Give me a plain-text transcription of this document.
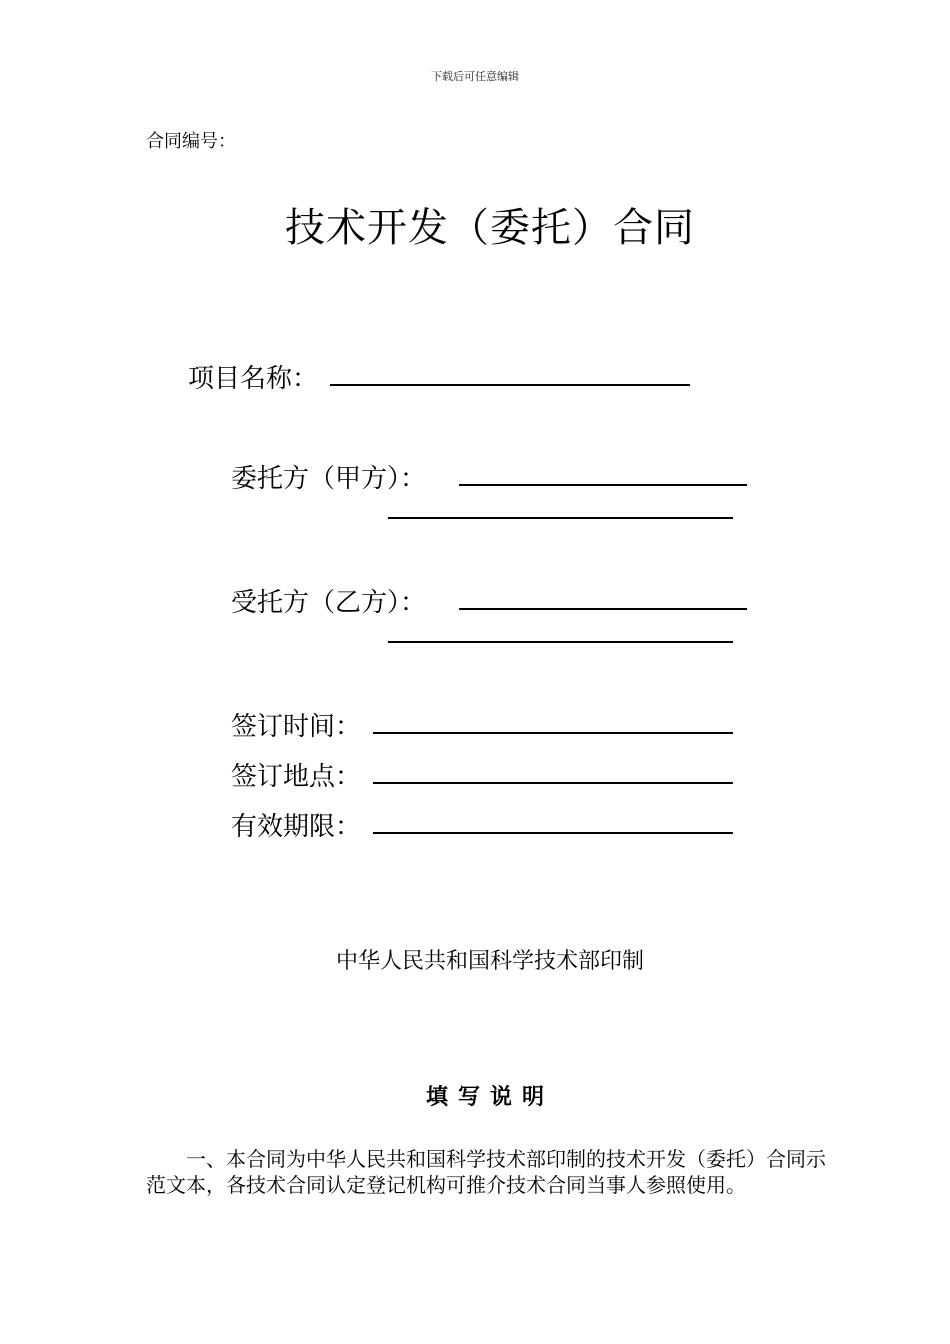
下载后可任意编辑
合同编号：
技术开发（委托）合同
项目名称：
委托方（甲方）：
受托方（乙方）：
签订时间：
签订地点：
有效期限：
中华人民共和国科学技术部印制
填写说明
一、本合同为中华人民共和国科学技术部印制的技术开发（委托）合同示范文本，各技术合同认定登记机构可推介技术合同当事人参照使用。
